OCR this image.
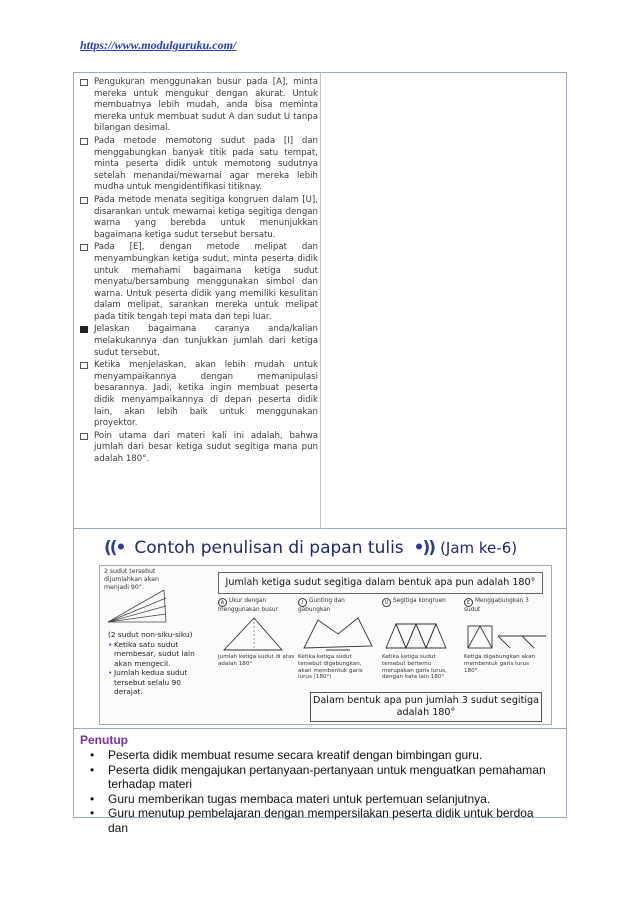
https://www.modulguruku.com/
Pengukuran menggunakan busur pada [A], minta mereka untuk mengukur dengan akurat. Untuk membuatnya lebih mudah, anda bisa meminta mereka untuk membuat sudut A dan sudut U tanpa bilangan desimal.
Pada metode memotong sudut pada [I] dan menggabungkan banyak titik pada satu tempat, minta peserta didik untuk memotong sudutnya setelah menandai/mewarnai agar mereka lebih mudha untuk mengidentifikasi titiknay.
Pada metode menata segitiga kongruen dalam [U], disarankan untuk mewarnai ketiga segitiga dengan warna yang berebda untuk menunjukkan bagaimana ketiga sudut tersebut bersatu.
Pada [E], dengan metode melipat dan menyambungkan ketiga sudut, minta peserta didik untuk memahami bagaimana ketiga sudut menyatu/bersambung menggunakan simbol dan warna. Untuk peserta didik yang memiliki kesulitan dalam melipat, sarankan mereka untuk melipat pada titik tengah tepi mata dan tepi luar.
Jelaskan bagaimana caranya anda/kalian melakukannya dan tunjukkan jumlah dari ketiga sudut tersebut.
Ketika menjelaskan, akan lebih mudah untuk menyampaikannya dengan memanipulasi besarannya. Jadi, ketika ingin membuat peserta didik menyampaikannya di depan peserta didik lain, akan lebih baik untuk menggunakan proyektor.
Poin utama dari materi kali ini adalah, bahwa jumlah dari besar ketiga sudut segitiga mana pun adalah 180°.
((• Contoh penulisan di papan tulis •)) (Jam ke-6)
2 sudut tersebut dijumlahkan akan menjadi 90°.
(2 sudut non-siku-siku)
• Ketika satu sudut membesar, sudut lain akan mengecil.
• Jumlah kedua sudut tersebut selalu 90 derajat.
Jumlah ketiga sudut segitiga dalam bentuk apa pun adalah 180°
A Ukur dengan menggunakan busur
I Gunting dan gabungkan
U Segitiga kongruen	E Menggabungkan 3 sudut
Jumlah ketiga sudut di atas adalah 180°
Ketika ketiga sudut tersebut digabungkan, akan membentuk garis lurus (180°)
Ketika ketiga sudut tersebut bertemu merupakan garis lurus, dengan kata lain 180°
Ketiga digabungkan akan membentuk garis lurus 180°
Dalam bentuk apa pun jumlah 3 sudut segitiga adalah 180°
Penutup
• Peserta didik membuat resume secara kreatif dengan bimbingan guru.
• Peserta didik mengajukan pertanyaan-pertanyaan untuk menguatkan pemahaman terhadap materi
• Guru memberikan tugas membaca materi untuk pertemuan selanjutnya.
• Guru menutup pembelajaran dengan mempersilakan peserta didik untuk berdoa dan
